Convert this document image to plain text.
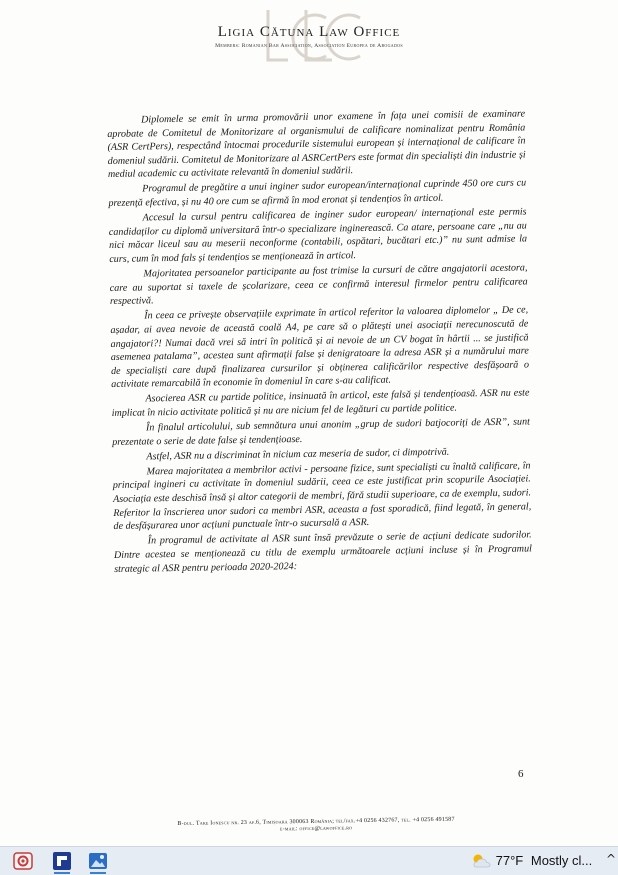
Ligia Cătuna Law Office
Members: Romanian Bar Association, Association Europea de Abogados

Diplomele se emit în urma promovării unor examene în fața unei comisii de examinare aprobate de Comitetul de Monitorizare al organismului de calificare nominalizat pentru România (ASR CertPers), respectând întocmai procedurile sistemului european și internațional de calificare în domeniul sudării. Comitetul de Monitorizare al ASRCertPers este format din specialiști din industrie și mediul academic cu activitate relevantă în domeniul sudării.

Programul de pregătire a unui inginer sudor european/internațional cuprinde 450 ore curs cu prezență efectiva, și nu 40 ore cum se afirmă în mod eronat și tendențios în articol.

Accesul la cursul pentru calificarea de inginer sudor european/ internațional este permis candidaților cu diplomă universitară într-o specializare inginerească. Ca atare, persoane care „nu au nici măcar liceul sau au meserii neconforme (contabili, ospătari, bucătari etc.)” nu sunt admise la curs, cum în mod fals și tendențios se menționează în articol.

Majoritatea persoanelor participante au fost trimise la cursuri de către angajatorii acestora, care au suportat si taxele de școlarizare, ceea ce confirmă interesul firmelor pentru calificarea respectivă.

În ceea ce privește observațiile exprimate în articol referitor la valoarea diplomelor „ De ce, așadar, ai avea nevoie de această coală A4, pe care să o plătești unei asociații nerecunoscută de angajatori?! Numai dacă vrei să intri în politică și ai nevoie de un CV bogat în hârtii ... se justifică asemenea patalama”, acestea sunt afirmații false și denigratoare la adresa ASR și a numărului mare de specialiști care după finalizarea cursurilor și obținerea calificărilor respective desfășoară o activitate remarcabilă în economie în domeniul în care s-au calificat.

Asocierea ASR cu partide politice, insinuată în articol, este falsă și tendențioasă. ASR nu este implicat în nicio activitate politică și nu are nicium fel de legături cu partide politice.

În finalul articolului, sub semnătura unui anonim „grup de sudori batjocoriți de ASR”, sunt prezentate o serie de date false și tendențioase.

Astfel, ASR nu a discriminat în nicium caz meseria de sudor, ci dimpotrivă.

Marea majoritatea a membrilor activi - persoane fizice, sunt specialiști cu înaltă calificare, în principal ingineri cu activitate în domeniul sudării, ceea ce este justificat prin scopurile Asociației. Asociația este deschisă însă și altor categorii de membri, fără studii superioare, ca de exemplu, sudori. Referitor la înscrierea unor sudori ca membri ASR, aceasta a fost sporadică, fiind legată, în general, de desfășurarea unor acțiuni punctuale într-o sucursală a ASR.

În programul de activitate al ASR sunt însă prevăzute o serie de acțiuni dedicate sudorilor. Dintre acestea se menționează cu titlu de exemplu următoarele acțiuni incluse și în Programul strategic al ASR pentru perioada 2020-2024:

6
B-dul. Take Ionescu nr. 23 ap.6, Timișoara 300063 România; tel/fax.+4 0256 432767, tel. +4 0256 491587
e-mail: office@lawoffice.ro
77°F Mostly cl... ^
